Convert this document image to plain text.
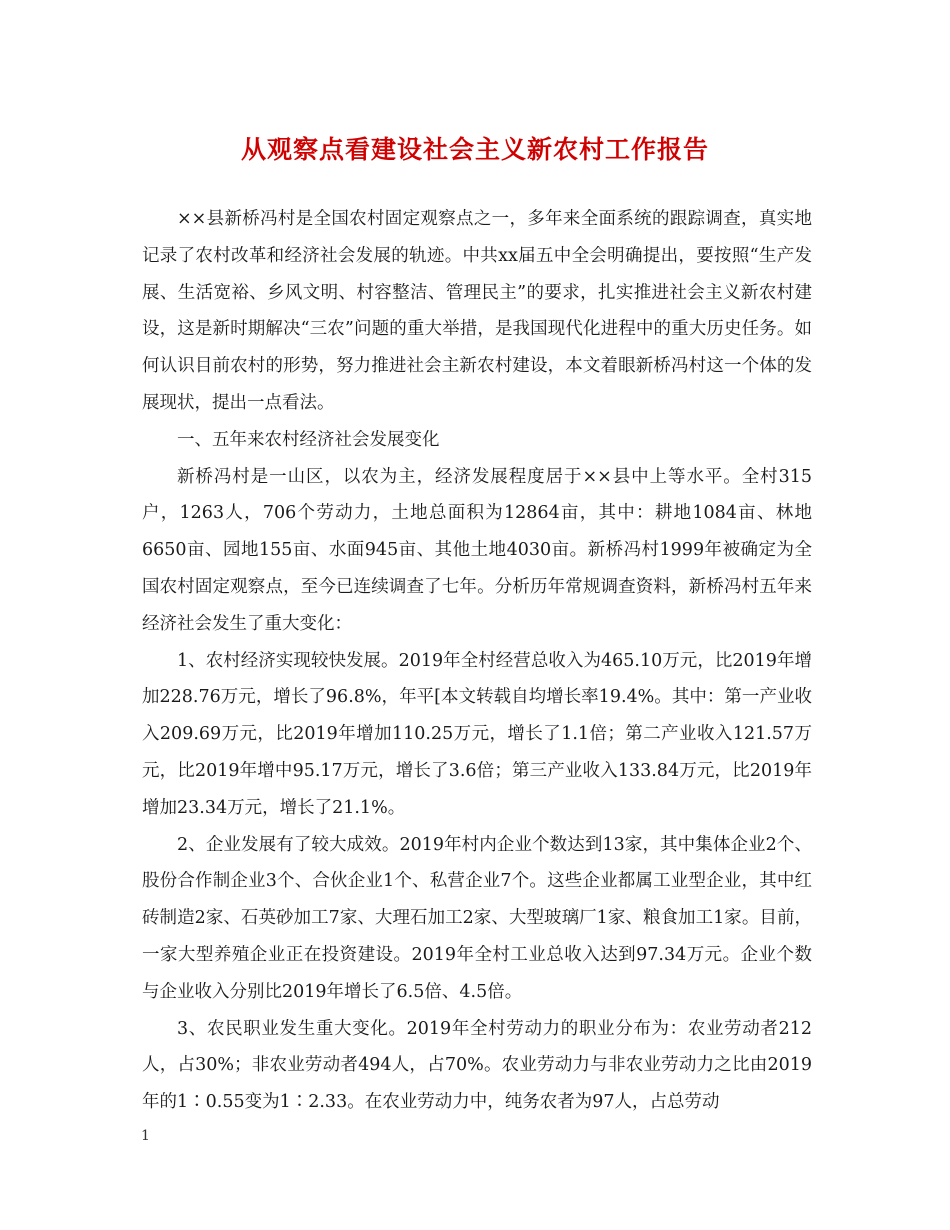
从观察点看建设社会主义新农村工作报告

××县新桥冯村是全国农村固定观察点之一，多年来全面系统的跟踪调查，真实地记录了农村改革和经济社会发展的轨迹。中共xx届五中全会明确提出，要按照“生产发展、生活宽裕、乡风文明、村容整洁、管理民主”的要求，扎实推进社会主义新农村建设，这是新时期解决“三农”问题的重大举措，是我国现代化进程中的重大历史任务。如何认识目前农村的形势，努力推进社会主新农村建设，本文着眼新桥冯村这一个体的发展现状，提出一点看法。

一、五年来农村经济社会发展变化

新桥冯村是一山区，以农为主，经济发展程度居于××县中上等水平。全村315户，1263人，706个劳动力，土地总面积为12864亩，其中：耕地1084亩、林地6650亩、园地155亩、水面945亩、其他土地4030亩。新桥冯村1999年被确定为全国农村固定观察点，至今已连续调查了七年。分析历年常规调查资料，新桥冯村五年来经济社会发生了重大变化：

1、农村经济实现较快发展。2019年全村经营总收入为465.10万元，比2019年增加228.76万元，增长了96.8%，年平[本文转载自均增长率19.4%。其中：第一产业收入209.69万元，比2019年增加110.25万元，增长了1.1倍；第二产业收入121.57万元，比2019年增中95.17万元，增长了3.6倍；第三产业收入133.84万元，比2019年增加23.34万元，增长了21.1%。

2、企业发展有了较大成效。2019年村内企业个数达到13家，其中集体企业2个、股份合作制企业3个、合伙企业1个、私营企业7个。这些企业都属工业型企业，其中红砖制造2家、石英砂加工7家、大理石加工2家、大型玻璃厂1家、粮食加工1家。目前，一家大型养殖企业正在投资建设。2019年全村工业总收入达到97.34万元。企业个数与企业收入分别比2019年增长了6.5倍、4.5倍。

3、农民职业发生重大变化。2019年全村劳动力的职业分布为：农业劳动者212人，占30%；非农业劳动者494人，占70%。农业劳动力与非农业劳动力之比由2019年的1∶0.55变为1∶2.33。在农业劳动力中，纯务农者为97人，占总劳动

1
